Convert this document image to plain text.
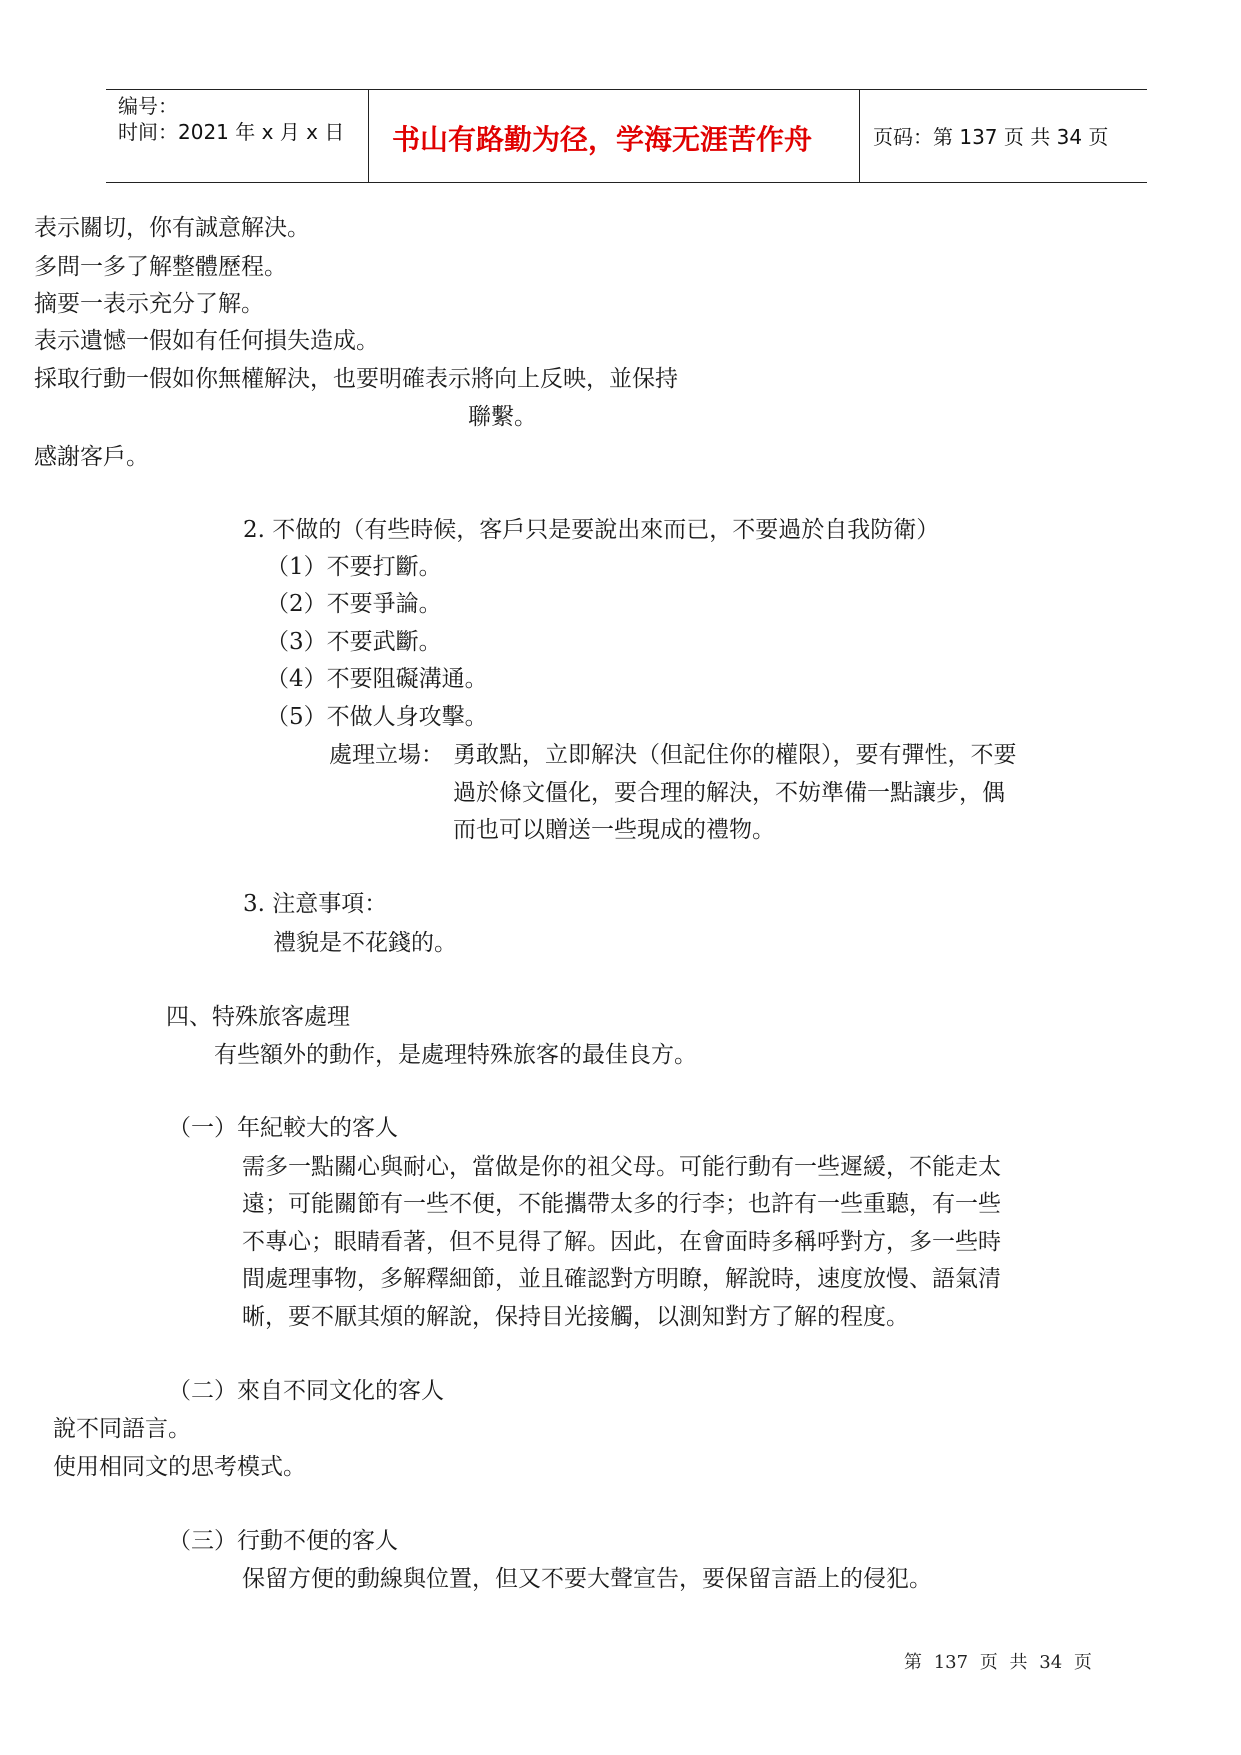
编号：
时间：2021 年 x 月 x 日 书山有路勤为径，学海无涯苦作舟	页码：第 137 页 共 34 页
表示關切，你有誠意解決。
多問一多了解整體歷程。
摘要一表示充分了解。
表示遺憾一假如有任何損失造成。
採取行動一假如你無權解決，也要明確表示將向上反映，並保持
聯繫。
感謝客戶。
2. 不做的（有些時候，客戶只是要說出來而已，不要過於自我防衛）
（1）不要打斷。
（2）不要爭論。
（3）不要武斷。
（4）不要阻礙溝通。
（5）不做人身攻擊。
處理立場： 勇敢點，立即解決（但記住你的權限），要有彈性，不要
過於條文僵化，要合理的解決，不妨準備一點讓步，偶
而也可以贈送一些現成的禮物。
3. 注意事項：
禮貌是不花錢的。
四、特殊旅客處理
有些額外的動作，是處理特殊旅客的最佳良方。
（一）年紀較大的客人
需多一點關心與耐心，當做是你的祖父母。可能行動有一些遲緩，不能走太
遠；可能關節有一些不便，不能攜帶太多的行李；也許有一些重聽，有一些
不專心；眼睛看著，但不見得了解。因此，在會面時多稱呼對方，多一些時
間處理事物，多解釋細節，並且確認對方明瞭，解說時，速度放慢、語氣清
晰，要不厭其煩的解說，保持目光接觸，以測知對方了解的程度。
（二）來自不同文化的客人
說不同語言。
使用相同文的思考模式。
（三）行動不便的客人
保留方便的動線與位置，但又不要大聲宣告，要保留言語上的侵犯。
第 137 页 共 34 页
